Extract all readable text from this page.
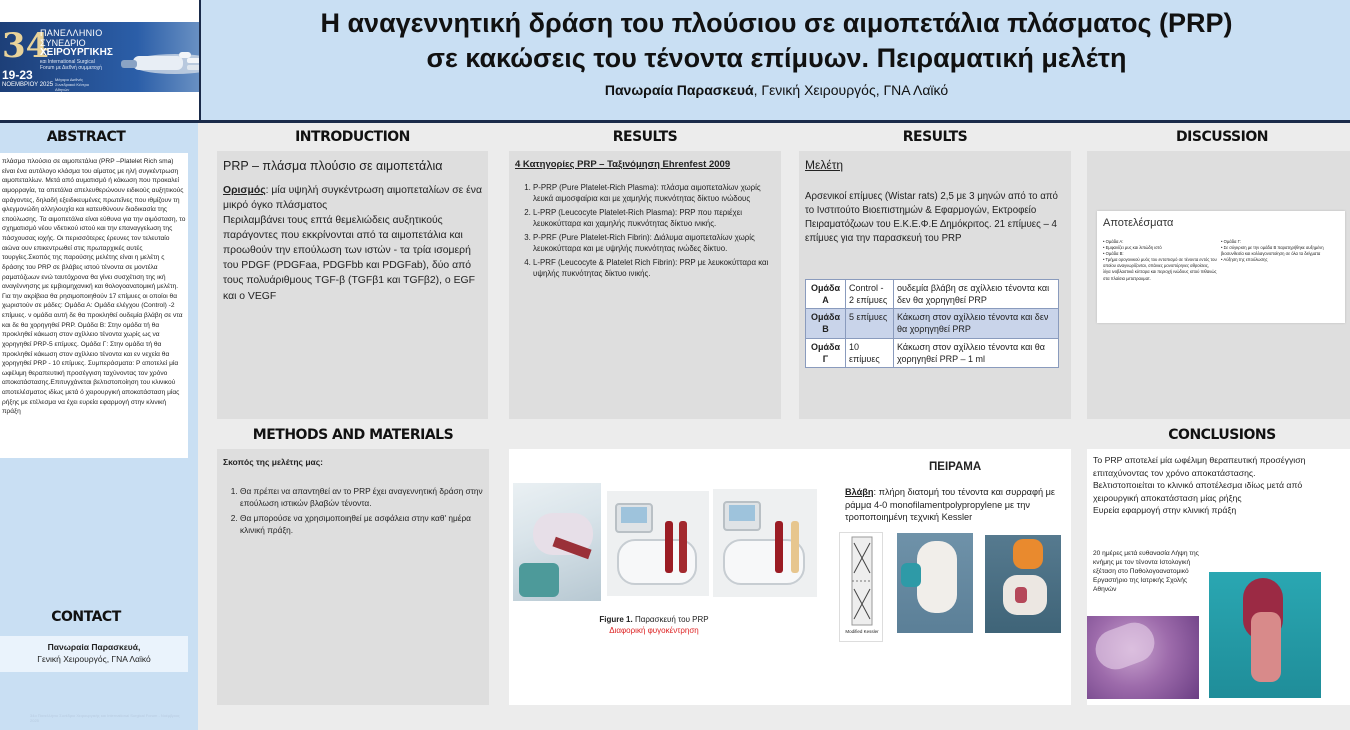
34
ΠΑΝΕΛΛΗΝΙΟ
ΣΥΝΕΔΡΙΟ
ΧΕΙΡΟΥΡΓΙΚΗΣ
και International Surgical Forum με Διεθνή συμμετοχή
19-23
ΝΟΕΜΒΡΙΟΥ 2025
Μέγαρο Διεθνές Συνεδριακό Κέντρο Αθηνών
Η αναγεννητική δράση του πλούσιου σε αιμοπετάλια πλάσματος (PRP)
σε κακώσεις του τένοντα επίμυων. Πειραματική μελέτη
Πανωραία Παρασκευά, Γενική Χειρουργός, ΓΝΑ Λαϊκό
ABSTRACT
πλάσμα πλούσιο σε αιμοπετάλια (PRP –Platelet Rich sma) είναι ένα αυτόλογο κλάσμα του αίματος με ηλή συγκέντρωση αιμοπεταλίων. Μετά από αυματισμό ή κάκωση που προκαλεί αιμορραγία, τα οπετάλια απελευθερώνουν ειδικούς αυξητικούς αράγοντες, δηλαδή εξειδικευμένες πρωτεΐνες που ιθμίζουν τη φλεγμονώδη αλληλουχία και κατευθύνουν διαδικασία της επούλωσης. Τα αιμοπετάλια είναι εύθυνα για την αιμόσταση, το σχηματισμό νέου νδετικού ιστού και την επαναγγείωση της πάσχουσας ιοχής. Οι περισσότερες έρευνες τον τελευταίο αιώνα ουν επικεντρωθεί στις πρωταρχικές αυτές τουργίες.Σκοπός της παρούσης μελέτης είναι η μελέτη ς δράσης του PRP σε βλάβες ιστού τένοντα σε μοντέλα ραματόζωων ενώ ταυτόχρονα θα γίνει συσχέτιση της ική αναγέννησης με εμβιομηχανική και θολογοανατομική μελέτη. Για την ακρίβεια θα ρησιμοποιηθούν 17 επίμυες οι οποίοι θα χωριστούν σε μάδες: Ομάδα Α: Ομάδα ελέγχου (Control) -2 επίμυες. ν ομάδα αυτή δε θα προκληθεί ουδεμία βλάβη σε ντα και δε θα χορηγηθεί PRP. Ομάδα Β: Στην ομάδα τή θα προκληθεί κάκωση στον αχίλλειο τένοντα χωρίς ως να χορηγηθεί PRP-5 επίμυες. Ομάδα Γ: Στην ομάδα τή θα προκληθεί κάκωση στον αχίλλειο τένοντα και εν νεχεία θα χορηγηθεί PRP - 10 επίμυες. Συμπεράσματα: P αποτελεί μία ωφέλιμη θεραπευτική προσέγγιση ταχύνοντας τον χρόνο αποκατάστασης.Επιτυγχάνεται βελτιστοποίηση του κλινικού αποτελέσματος ιδίως μετά ό χειρουργική αποκατάσταση μίας ρήξης με ετέλεσμα να έχει ευρεία εφαρμογή στην κλινική πράξη
CONTACT
Πανωραία Παρασκευά,
Γενική Χειρουργός, ΓΝΑ Λαϊκό
34ο Πανελλήνιο Συνέδριο Χειρουργικής και International Surgical Forum - Νοέμβριος 2025
INTRODUCTION	RESULTS	RESULTS	DISCUSSION
METHODS AND MATERIALS	CONCLUSIONS
PRP – πλάσμα πλούσιο σε αιμοπετάλια
Ορισμός: μία υψηλή συγκέντρωση αιμοπεταλίων σε ένα μικρό όγκο πλάσματος
Περιλαμβάνει τους επτά θεμελιώδεις αυξητικούς παράγοντες που εκκρίνονται από τα αιμοπετάλια και προωθούν την επούλωση των ιστών - τα τρία ισομερή του PDGF (PDGFaa, PDGFbb και PDGFab), δύο από τους πολυάριθμους TGF-β (TGFβ1 και TGFβ2), ο EGF και ο VEGF
4 Κατηγορίες PRP – Ταξινόμηση Ehrenfest 2009
1. P-PRP (Pure Platelet-Rich Plasma): πλάσμα αιμοπεταλίων χωρίς λευκά αιμοσφαίρια και με χαμηλής πυκνότητας δίκτυο ινώδους
2. L-PRP (Leucocyte Platelet-Rich Plasma): PRP που περιέχει λευκοκύτταρα και χαμηλής πυκνότητας δίκτυο ινικής.
3. P-PRF (Pure Platelet-Rich Fibrin): Διάλυμα αιμοπεταλίων χωρίς λευκοκύτταρα και με υψηλής πυκνότητας ινώδες δίκτυο.
4. L-PRF (Leucocyte & Platelet Rich Fibrin): PRP με λευκοκύτταρα και υψηλής πυκνότητας δίκτυο ινικής.
Μελέτη
Αρσενικοί επίμυες (Wistar rats) 2,5 με 3 μηνών από το από το Ινστιτούτο Βιοεπιστημών & Εφαρμογών, Εκτροφείο Πειραματόζωων του Ε.Κ.Ε.Φ.Ε Δημόκριτος. 21 επίμυες – 4 επίμυες για την παρασκευή του PRP
Ομάδα Α	Control - 2 επίμυες	ουδεμία βλάβη σε αχίλλειο τένοντα και δεν θα χορηγηθεί PRP
Ομάδα Β	5 επίμυες	Κάκωση στον αχίλλειο τένοντα και δεν θα χορηγηθεί PRP
Ομάδα Γ	10 επίμυες	Κάκωση στον αχίλλειο τένοντα και θα χορηγηθεί PRP – 1 ml
Αποτελέσματα
• Ομάδα Α:
• Εμφανίζει μυς και λιπώδη ιστό
• Ομάδα Β:
• Τμήμα ορογονικού μυός του εντοπισμό σε τένοντα εντός του οποίου αναγνωρίζονται, σπάνιες μονοπύρηνες αθροίσεις, λίγα ινοβλαστικά κύτταρα και περιοχή ινώδους ιστού πιθανώς στα πλαίσια μετατραυματ.
• Ομάδα Γ:
• Σε σύγκριση με την ομάδα Β παρατηρήθηκε αυξημένη βιοσυνθεσία και κολλαγονοποίηση σε όλα τα δείγματα
• Αύξηση της επούλωσης
Σκοπός της μελέτης μας:
1. Θα πρέπει να απαντηθεί αν το PRP έχει αναγεννητική δράση στην επούλωση ιστικών βλαβών τένοντα.
2. Θα μπορούσε να χρησιμοποιηθεί με ασφάλεια στην καθ' ημέρα κλινική πράξη.
Figure 1. Παρασκευή του PRP
Διαφορική φυγοκέντρηση
ΠΕΙΡΑΜΑ
Βλάβη: πλήρη διατομή του τένοντα και συρραφή με ράμμα 4-0 monofilamentpolypropylene με την τροποποιημένη τεχνική Kessler
Modified Kessler
Το PRP αποτελεί μία ωφέλιμη θεραπευτική προσέγγιση επιταχύνοντας τον χρόνο αποκατάστασης.
Βελτιστοποιείται το κλινικό αποτέλεσμα ιδίως μετά από χειρουργική αποκατάσταση μίας ρήξης
Ευρεία εφαρμογή στην κλινική πράξη
20 ημέρες μετά ευθανασία Λήψη της κνήμης με τον τένοντα Ιστολογική εξέταση στο Παθολογοανατομικό Εργαστήριο της Ιατρικής Σχολής Αθηνών
